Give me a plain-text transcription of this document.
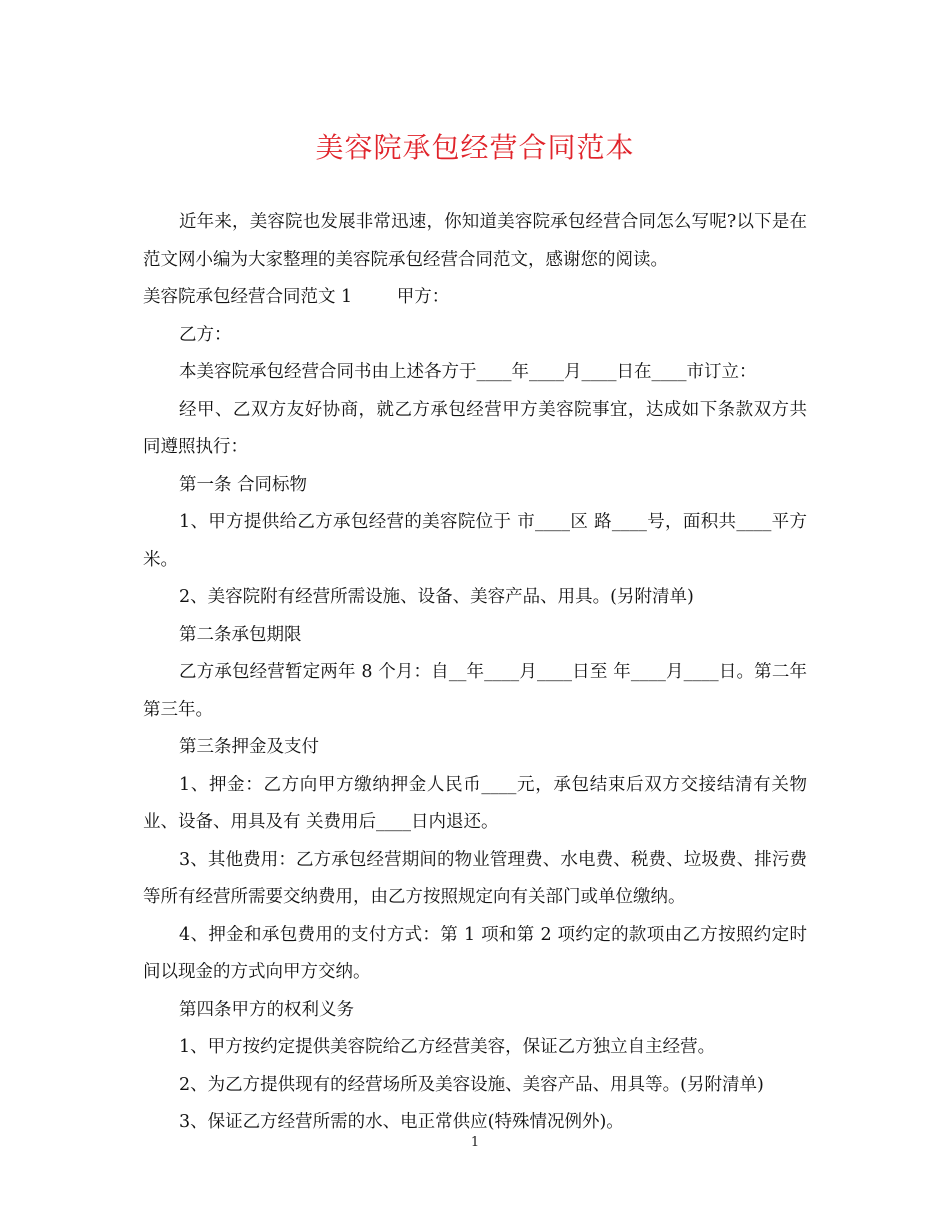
美容院承包经营合同范本

近年来，美容院也发展非常迅速，你知道美容院承包经营合同怎么写呢?以下是在范文网小编为大家整理的美容院承包经营合同范文，感谢您的阅读。

美容院承包经营合同范文 1        甲方：

乙方：

本美容院承包经营合同书由上述各方于____年____月____日在____市订立：

经甲、乙双方友好协商，就乙方承包经营甲方美容院事宜，达成如下条款双方共同遵照执行：

第一条 合同标物

1、甲方提供给乙方承包经营的美容院位于 市____区 路____号，面积共____平方米。

2、美容院附有经营所需设施、设备、美容产品、用具。(另附清单)

第二条承包期限

乙方承包经营暂定两年 8 个月：自__年____月____日至 年____月____日。第二年第三年。

第三条押金及支付

1、押金：乙方向甲方缴纳押金人民币____元，承包结束后双方交接结清有关物业、设备、用具及有 关费用后____日内退还。

3、其他费用：乙方承包经营期间的物业管理费、水电费、税费、垃圾费、排污费等所有经营所需要交纳费用，由乙方按照规定向有关部门或单位缴纳。

4、押金和承包费用的支付方式：第 1 项和第 2 项约定的款项由乙方按照约定时间以现金的方式向甲方交纳。

第四条甲方的权利义务

1、甲方按约定提供美容院给乙方经营美容，保证乙方独立自主经营。

2、为乙方提供现有的经营场所及美容设施、美容产品、用具等。(另附清单)

3、保证乙方经营所需的水、电正常供应(特殊情况例外)。

1
